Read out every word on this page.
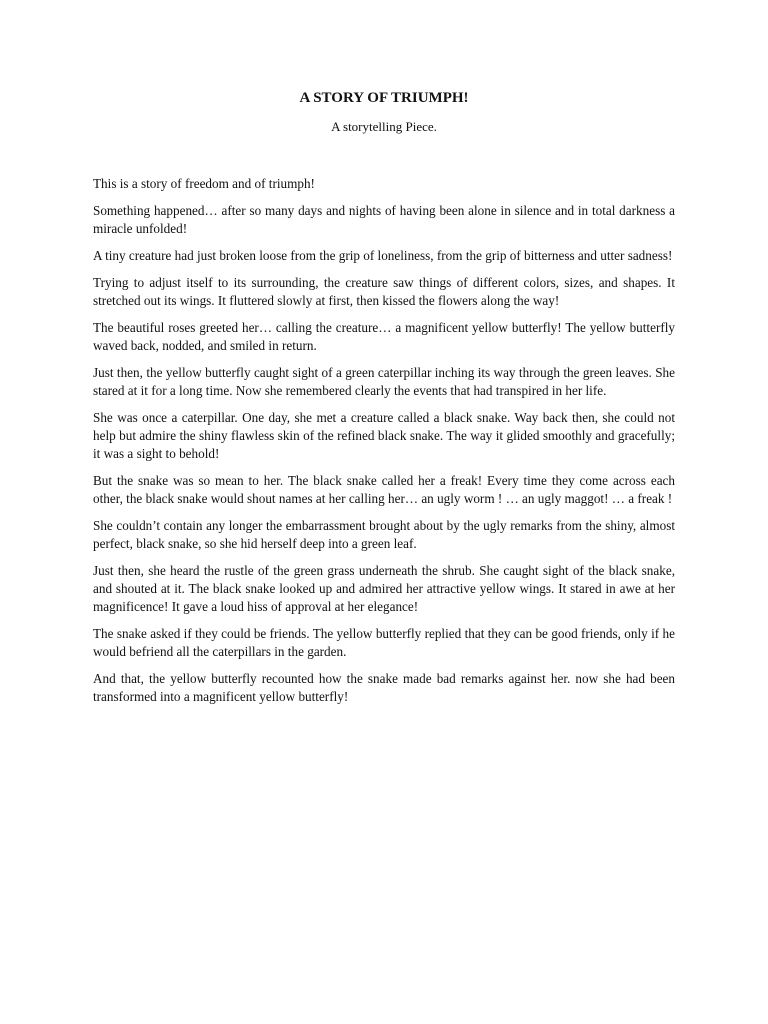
A STORY OF TRIUMPH!
A storytelling Piece.

This is a story of freedom and of triumph!

Something happened… after so many days and nights of having been alone in silence and in total darkness a miracle unfolded!

A tiny creature had just broken loose from the grip of loneliness, from the grip of bitterness and utter sadness!

Trying to adjust itself to its surrounding, the creature saw things of different colors, sizes, and shapes. It stretched out its wings. It fluttered slowly at first, then kissed the flowers along the way!

The beautiful roses greeted her… calling the creature… a magnificent yellow butterfly! The yellow butterfly waved back, nodded, and smiled in return.

Just then, the yellow butterfly caught sight of a green caterpillar inching its way through the green leaves. She stared at it for a long time. Now she remembered clearly the events that had transpired in her life.

She was once a caterpillar. One day, she met a creature called a black snake. Way back then, she could not help but admire the shiny flawless skin of the refined black snake. The way it glided smoothly and gracefully; it was a sight to behold!

But the snake was so mean to her. The black snake called her a freak! Every time they come across each other, the black snake would shout names at her calling her… an ugly worm ! … an ugly maggot! … a freak !

She couldn’t contain any longer the embarrassment brought about by the ugly remarks from the shiny, almost perfect, black snake, so she hid herself deep into a green leaf.

Just then, she heard the rustle of the green grass underneath the shrub. She caught sight of the black snake, and shouted at it. The black snake looked up and admired her attractive yellow wings. It stared in awe at her magnificence! It gave a loud hiss of approval at her elegance!

The snake asked if they could be friends. The yellow butterfly replied that they can be good friends, only if he would befriend all the caterpillars in the garden.

And that, the yellow butterfly recounted how the snake made bad remarks against her. now she had been transformed into a magnificent yellow butterfly!
